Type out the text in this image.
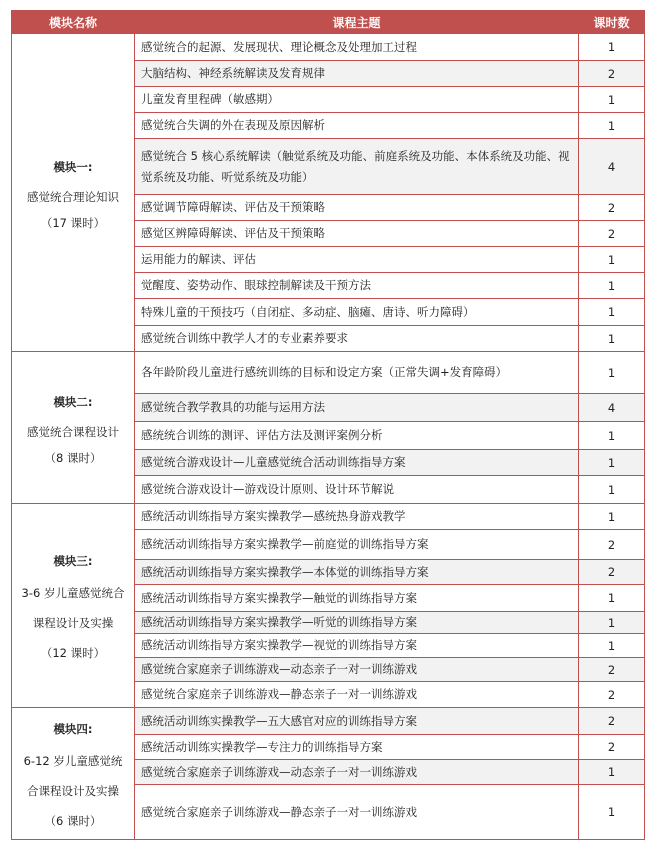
模块名称	课程主题	课时数

模块一:
感觉统合理论知识
（17 课时）	感觉统合的起源、发展现状、理论概念及处理加工过程	1
	大脑结构、神经系统解读及发育规律	2
	儿童发育里程碑（敏感期）	1
	感觉统合失调的外在表现及原因解析	1
	感觉统合 5 核心系统解读（触觉系统及功能、前庭系统及功能、本体系统及功能、视觉系统及功能、听觉系统及功能）	4
	感觉调节障碍解读、评估及干预策略	2
	感觉区辨障碍解读、评估及干预策略	2
	运用能力的解读、评估	1
	觉醒度、姿势动作、眼球控制解读及干预方法	1
	特殊儿童的干预技巧（自闭症、多动症、脑瘫、唐诗、听力障碍）	1
	感觉统合训练中教学人才的专业素养要求	1

模块二:
感觉统合课程设计
（8 课时）	各年龄阶段儿童进行感统训练的目标和设定方案（正常失调+发育障碍）	1
	感觉统合教学教具的功能与运用方法	4
	感统统合训练的测评、评估方法及测评案例分析	1
	感觉统合游戏设计—儿童感觉统合活动训练指导方案	1
	感觉统合游戏设计—游戏设计原则、设计环节解说	1

模块三:
3-6 岁儿童感觉统合
课程设计及实操
（12 课时）	感统活动训练指导方案实操教学—感统热身游戏教学	1
	感统活动训练指导方案实操教学—前庭觉的训练指导方案	2
	感统活动训练指导方案实操教学—本体觉的训练指导方案	2
	感统活动训练指导方案实操教学—触觉的训练指导方案	1
	感统活动训练指导方案实操教学—听觉的训练指导方案	1
	感统活动训练指导方案实操教学—视觉的训练指导方案	1
	感觉统合家庭亲子训练游戏—动态亲子一对一训练游戏	2
	感觉统合家庭亲子训练游戏—静态亲子一对一训练游戏	2

模块四:
6-12 岁儿童感觉统
合课程设计及实操
（6 课时）	感统活动训练实操教学—五大感官对应的训练指导方案	2
	感统活动训练实操教学—专注力的训练指导方案	2
	感觉统合家庭亲子训练游戏—动态亲子一对一训练游戏	1
	感觉统合家庭亲子训练游戏—静态亲子一对一训练游戏	1
